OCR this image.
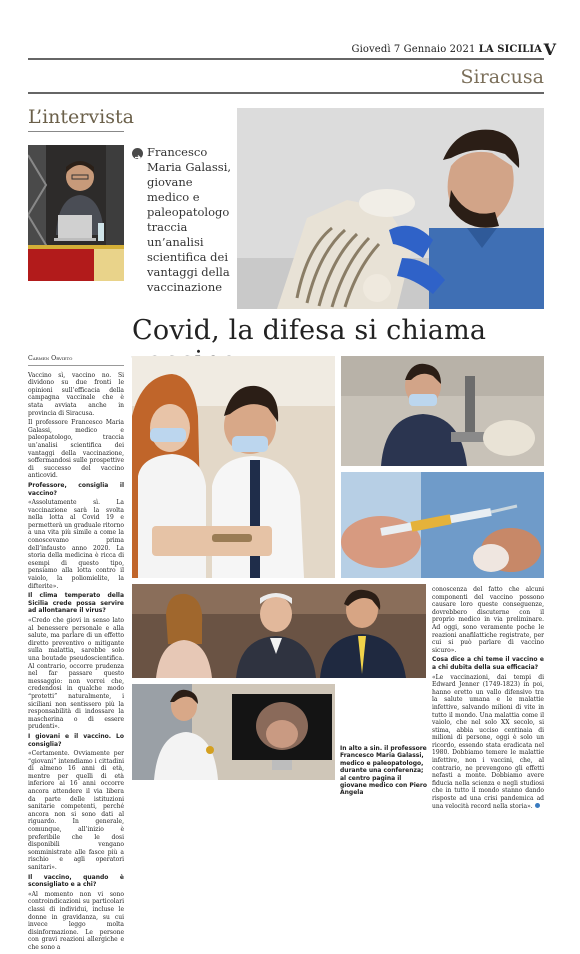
Giovedì 7 Gennaio 2021 LA SICILIA V
Siracusa
L’intervista
Francesco Maria Galassi, giovane medico e paleopatologo traccia un’analisi scientifica dei vantaggi della vaccinazione
Covid, la difesa si chiama

Carmen Orvieto

Vaccino sì, vaccino no. Si dividono su due fronti le opinioni sull’efficacia della campagna vaccinale che è stata avviata anche in provincia di Siracusa.

Il professore Francesco Maria Galassi, medico e paleopatologo, traccia un’analisi scientifica dei vantaggi della vaccinazione, soffermandosi sulle prospettive di successo del vaccino anticovid.

Professore, consiglia il vaccino?

«Assolutamente sì. La vaccinazione sarà la svolta nella lotta al Covid 19 e permetterà un graduale ritorno a una vita più simile a come la conoscevamo prima dell’infausto anno 2020. La storia della medicina è ricca di esempi di questo tipo, pensiamo alla lotta contro il vaiolo, la poliomielite, la difterite».

Il clima temperato della Sicilia crede possa servire ad allontanare il virus?

«Credo che giovi in senso lato al benessere personale e alla salute, ma parlare di un effetto diretto preventivo o mitigante sulla malattia, sarebbe solo una boutade pseudoscientifica. Al contrario, occorre prudenza nel far passare questo messaggio: non vorrei che, credendosi in qualche modo “protetti” naturalmente, i siciliani non sentissero più la responsabilità di indossare la mascherina o di essere prudenti».

I giovani e il vaccino. Lo consiglia?

«Certamente. Ovviamente per “giovani” intendiamo i cittadini di almeno 16 anni di età, mentre per quelli di età inferiore ai 16 anni occorre ancora attendere il via libera da parte delle istituzioni sanitarie competenti, perché ancora non si sono dati al riguardo. In generale, comunque, all’inizio è preferibile che le dosi disponibili vengano somministrate alle fasce più a rischio e agli operatori sanitari».

Il vaccino, quando è sconsigliato e a chi?

«Al momento non vi sono controindicazioni su particolari classi di individui, incluse le donne in gravidanza, su cui invece leggo molta disinformazione. Le persone con gravi reazioni allergiche e che sono a

In alto a sin. il professore Francesco Maria Galassi, medico e paleopatologo, durante una conferenza; al centro pagina il giovane medico con Piero Angela

conoscenza del fatto che alcuni componenti del vaccino possono causare loro queste conseguenze, dovrebbero discuterne con il proprio medico in via preliminare. Ad oggi, sono veramente poche le reazioni anafilattiche registrate, per cui si può parlare di vaccino sicuro».

Cosa dice a chi teme il vaccino e a chi dubita della sua efficacia?

«Le vaccinazioni, dai tempi di Edward Jenner (1749-1823) in poi, hanno eretto un vallo difensivo tra la salute umana e le malattie infettive, salvando milioni di vite in tutto il mondo. Una malattia come il vaiolo, che nel solo XX secolo, si stima, abbia ucciso centinaia di milioni di persone, oggi è solo un ricordo, essendo stata eradicata nel 1980. Dobbiamo temere le malattie infettive, non i vaccini, che, al contrario, ne prevengono gli effetti nefasti a monte. Dobbiamo avere fiducia nella scienza e negli studiosi che in tutto il mondo stanno dando risposte ad una crisi pandemica ad una velocità record nella storia».
